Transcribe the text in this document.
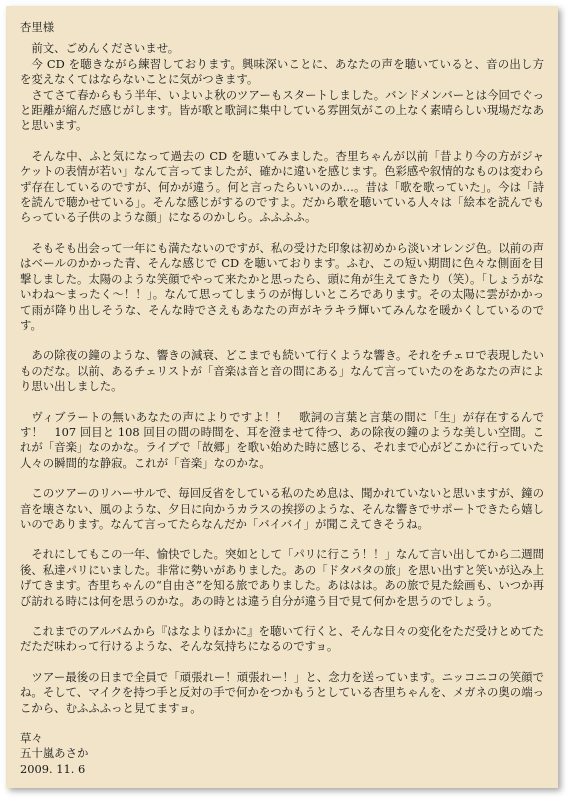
杏里様
前文、ごめんくださいませ。
今 CD を聴きながら練習しております。興味深いことに、あなたの声を聴いていると、音の出し方を変えなくてはならないことに気がつきます。
さてさて春からもう半年、いよいよ秋のツアーもスタートしました。バンドメンバーとは今回でぐっと距離が縮んだ感じがします。皆が歌と歌詞に集中している雰囲気がこの上なく素晴らしい現場だなあと思います。
そんな中、ふと気になって過去の CD を聴いてみました。杏里ちゃんが以前「昔より今の方がジャケットの表情が若い」なんて言ってましたが、確かに違いを感じます。色彩感や叙情的なものは変わらず存在しているのですが、何かが違う。何と言ったらいいのか…。昔は「歌を歌っていた」。今は「詩を読んで聴かせている」。そんな感じがするのですよ。だから歌を聴いている人々は「絵本を読んでもらっている子供のような顔」になるのかしら。ふふふふ。
そもそも出会って一年にも満たないのですが、私の受けた印象は初めから淡いオレンジ色。以前の声はベールのかかった青、そんな感じで CD を聴いております。ふむ、この短い期間に色々な側面を目撃しました。太陽のような笑顔でやって来たかと思ったら、頭に角が生えてきたり（笑）。「しょうがないわね～まったく～！！」。なんて思ってしまうのが悔しいところであります。その太陽に雲がかかって雨が降り出しそうな、そんな時でさえもあなたの声がキラキラ輝いてみんなを暖かくしているのです。
あの除夜の鐘のような、響きの減衰、どこまでも続いて行くような響き。それをチェロで表現したいものだな。以前、あるチェリストが「音楽は音と音の間にある」なんて言っていたのをあなたの声により思い出しました。
ヴィブラートの無いあなたの声によりですよ！！　歌詞の言葉と言葉の間に「生」が存在するんです！　107 回目と 108 回目の間の時間を、耳を澄ませて待つ、あの除夜の鐘のような美しい空間。これが「音楽」なのかな。ライブで「故郷」を歌い始めた時に感じる、それまで心がどこかに行っていた人々の瞬間的な静寂。これが「音楽」なのかな。
このツアーのリハーサルで、毎回反省をしている私のため息は、聞かれていないと思いますが、鐘の音を壊さない、風のような、夕日に向かうカラスの挨拶のような、そんな響きでサポートできたら嬉しいのであります。なんて言ってたらなんだか「バイバイ」が聞こえてきそうね。
それにしてもこの一年、愉快でした。突如として「パリに行こう！！」なんて言い出してから二週間後、私達パリにいました。非常に勢いがありました。あの「ドタバタの旅」を思い出すと笑いが込み上げてきます。杏里ちゃんの“自由さ”を知る旅でありました。あははは。あの旅で見た絵画も、いつか再び訪れる時には何を思うのかな。あの時とは違う自分が違う目で見て何かを思うのでしょう。
これまでのアルバムから『はなよりほかに』を聴いて行くと、そんな日々の変化をただ受けとめてただただ味わって行けるような、そんな気持ちになるのですョ。
ツアー最後の日まで全員で「頑張れー！頑張れー！」と、念力を送っています。ニッコニコの笑顔でね。そして、マイクを持つ手と反対の手で何かをつかもうとしている杏里ちゃんを、メガネの奥の端っこから、むふふふっと見てますョ。
草々
五十嵐あさか
2009. 11. 6
